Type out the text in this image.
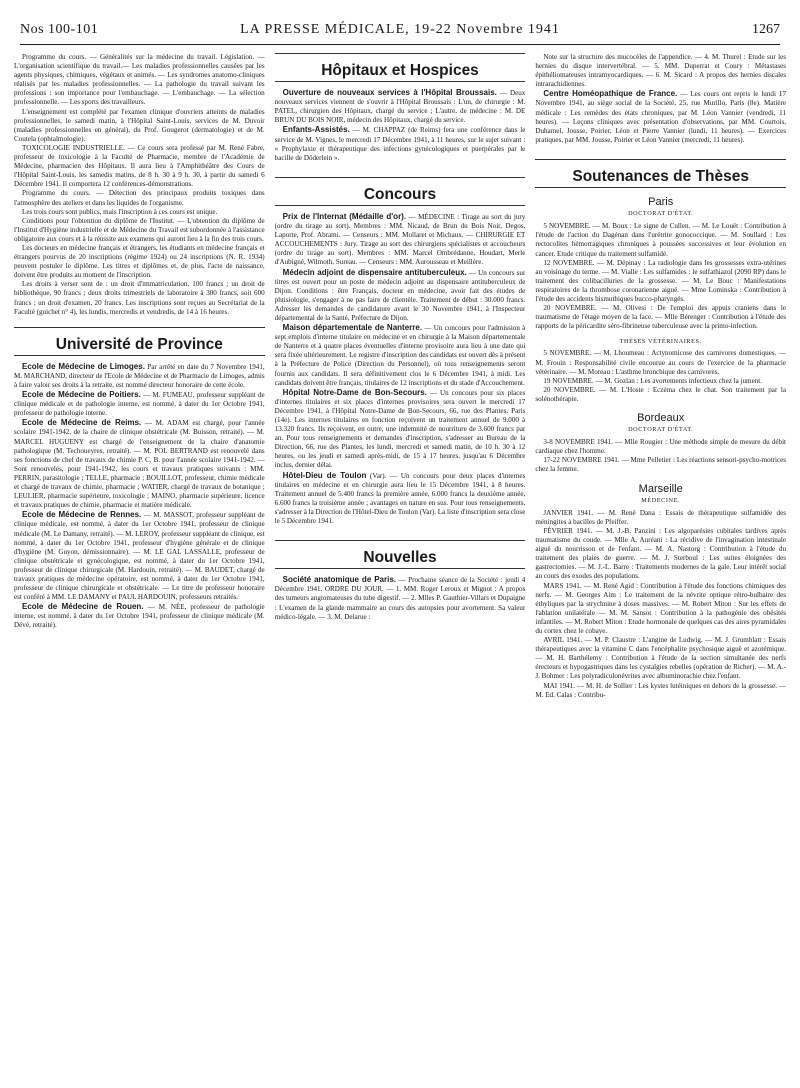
Nos 100-101	LA PRESSE MÉDICALE, 19-22 Novembre 1941	1267

Programme du cours. — Généralités sur la médecine du travail. Législation. — L'organisation scientifique du travail.— Les maladies professionnelles causées par les agents physiques, chimiques, végétaux et animés. — Les syndromes anatomo-cliniques réalisés par les maladies professionnelles. — La pathologie du travail suivant les professions : son importance pour l'embauchage. — L'embauchage. — La sélection professionnelle. — Les sports des travailleurs.

L'enseignement est complété par l'examen clinique d'ouvriers atteints de maladies professionnelles, le samedi matin, à l'Hôpital Saint-Louis, services de M. Duvoir (maladies professionnelles en général), du Prof. Gougerot (dermatologie) et de M. Coutela (ophtalmologie).

TOXICOLOGIE INDUSTRIELLE. — Ce cours sera professé par M. René Fabre, professeur de toxicologie à la Faculté de Pharmacie, membre de l'Académie de Médecine, pharmacien des Hôpitaux. Il aura lieu à l'Amphithéâtre des Cours de l'Hôpital Saint-Louis, les samedis matins, de 8 h. 30 à 9 h. 30, à partir du samedi 6 Décembre 1941. Il comportera 12 conférences-démonstrations.

Programme du cours. — Détection des principaux produits toxiques dans l'atmosphère des ateliers et dans les liquides de l'organisme.

Les trois cours sont publics, mais l'inscription à ces cours est unique.

Conditions pour l'obtention du diplôme de l'Institut. — L'obtention du diplôme de l'Institut d'Hygiène industrielle et de Médecine du Travail est subordonnée à l'assistance obligatoire aux cours et à la réussite aux examens qui auront lieu à la fin des trois cours.

Les docteurs en médecine français et étrangers, les étudiants en médecine français et étrangers pourvus de 20 inscriptions (régime 1924) ou 24 inscriptions (N. R. 1934) peuvent postuler le diplôme. Les titres et diplômes et, de plus, l'acte de naissance, doivent être produits au moment de l'inscription.

Les droits à verser sont de : un droit d'immatriculation, 100 francs ; un droit de bibliothèque, 90 francs ; deux droits trimestriels de laboratoire à 300 francs, soit 600 francs ; un droit d'examen, 20 francs. Les inscriptions sont reçues au Secrétariat de la Faculté (guichet n° 4), les lundis, mercredis et vendredis, de 14 à 16 heures.

Université de Province

Ecole de Médecine de Limoges. Par arrêté en date du 7 Novembre 1941, M. MARCHAND, directeur de l'Ecole de Médecine et de Pharmacie de Limoges, admis à faire valoir ses droits à la retraite, est nommé directeur honoraire de cette école.

Ecole de Médecine de Poitiers. — M. FUMEAU, professeur suppléant de clinique médicale et de pathologie interne, est nommé, à dater du 1er Octobre 1941, professeur de pathologie interne.

Ecole de Médecine de Reims. — M. ADAM est chargé, pour l'année scolaire 1941-1942, de la chaire de clinique obstétricale (M. Buisson, retraité). — M. MARCEL HUGUENY est chargé de l'enseignement de la chaire d'anatomie pathologique (M. Techoueyres, retraité). — M. POL BERTRAND est renouvelé dans ses fonctions de chef de travaux de chimie P. C. B. pour l'année scolaire 1941-1942. — Sont renouvelés, pour 1941-1942, les cours et travaux pratiques suivants : MM. PERRIN, parasitologie ; TELLE, pharmacie ; BOUILLOT, professeur, chimie médicale et chargé de travaux de chimie, pharmacie ; WATIER, chargé de travaux de botanique ; LEULIER, pharmacie supérieure, toxicologie ; MAINO, pharmacie supérieure, licence et travaux pratiques de chimie, pharmacie et matière médicale.

Ecole de Médecine de Rennes. — M. MASSOT, professeur suppléant de clinique médicale, est nommé, à dater du 1er Octobre 1941, professeur de clinique médicale (M. Le Damany, retraité). — M. LEROY, professeur suppléant de clinique, est nommé, à dater du 1er Octobre 1941, professeur d'hygiène générale et de clinique d'hygiène (M. Guyon, démissionnaire). — M. LE GAL LASSALLE, professeur de clinique obstétricale et gynécologique, est nommé, à dater du 1er Octobre 1941, professeur de clinique chirurgicale (M. Hardouin, retraité). — M. BAUDET, chargé de travaux pratiques de médecine opératoire, est nommé, à dater du 1er Octobre 1941, professeur de clinique chirurgicale et obstétricale. — Le titre de professeur honoraire est conféré à MM. LE DAMANY et PAUL HARDOUIN, professeurs retraités.

Ecole de Médecine de Rouen. — M. NÉE, professeur de pathologie interne, est nommé, à dater du 1er Octobre 1941, professeur de clinique médicale (M. Dévé, retraité).

Hôpitaux et Hospices

Ouverture de nouveaux services à l'Hôpital Broussais. — Deux nouveaux services viennent de s'ouvrir à l'Hôpital Broussais : L'un, de chirurgie : M. PATEL, chirurgien des Hôpitaux, chargé du service ; L'autre, de médecine : M. DE BRUN DU BOIS NOIR, médecin des Hôpitaux, chargé du service.

Enfants-Assistés. — M. CHAPPAZ (de Reims) fera une conférence dans le service de M. Vignes, le mercredi 17 Décembre 1941, à 11 heures, sur le sujet suivant : « Prophylaxie et thérapeutique des infections gynécologiques et puerpérales par le bacille de Döderlein ».

Concours

Prix de l'Internat (Médaille d'or). — MÉDECINE : Tirage au sort du jury (ordre du tirage au sort). Membres : MM. Nicaud, de Brun du Bois Noir, Degos, Laporte, Prof. Abrami. — Censeurs : MM. Mollaret et Michaux. — CHIRURGIE ET ACCOUCHEMENTS : Jury. Tirage au sort des chirurgiens spécialistes et accoucheurs (ordre du tirage au sort). Membres : MM. Marcel Ombrédanne, Houdart, Merle d'Aubigné, Wilmoth, Sureau. — Censeurs : MM. Aurousseau et Meillère.

Médecin adjoint de dispensaire antituberculeux. — Un concours sur titres est ouvert pour un poste de médecin adjoint au dispensaire antituberculeux de Dijon. Conditions : être Français, docteur en médecine, avoir fait des études de phtisiologie, s'engager à ne pas faire de clientèle. Traitement de début : 30.000 francs. Adresser les demandes de candidature avant le 30 Novembre 1941, à l'Inspecteur départemental de la Santé, Préfecture de Dijon.

Maison départementale de Nanterre. — Un concours pour l'admission à sept emplois d'interne titulaire en médecine et en chirurgie à la Maison départementale de Nanterre et à quatre places éventuelles d'interne provisoire aura lieu à une date qui sera fixée ultérieurement. Le registre d'inscription des candidats est ouvert dès à présent à la Préfecture de Police (Direction du Personnel), où tous renseignements seront fournis aux candidats. Il sera définitivement clos le 6 Décembre 1941, à midi. Les candidats doivent être français, titulaires de 12 inscriptions et du stade d'Accouchement.

Hôpital Notre-Dame de Bon-Secours. — Un concours pour six places d'internes titulaires et six places d'internes provisoires sera ouvert le mercredi 17 Décembre 1941, à l'Hôpital Notre-Dame de Bon-Secours, 66, rue des Plantes, Paris (14e). Les internes titulaires en fonction reçoivent un traitement annuel de 9.000 à 13.320 francs. Ils reçoivent, en outre, une indemnité de nourriture de 3.600 francs par an. Pour tous renseignements et demandes d'inscription, s'adresser au Bureau de la Direction, 66, rue des Plantes, les lundi, mercredi et samedi matin, de 10 h. 30 à 12 heures, ou les jeudi et samedi après-midi, de 15 à 17 heures, jusqu'au 6 Décembre inclus, dernier délai.

Hôtel-Dieu de Toulon (Var). — Un concours pour deux places d'internes titulaires en médecine et en chirurgie aura lieu le 15 Décembre 1941, à 8 heures. Traitement annuel de 5.400 francs la première année, 6.000 francs la deuxième année, 6.600 francs la troisième année ; avantages en nature en sus. Pour tous renseignements, s'adresser à la Direction de l'Hôtel-Dieu de Toulon (Var). La liste d'inscription sera close le 5 Décembre 1941.

Nouvelles

Société anatomique de Paris. — Prochaine séance de la Société : jeudi 4 Décembre 1941. ORDRE DU JOUR. — 1. MM. Roger Leroux et Mignot : A propos des tumeurs angiomateuses du tube digestif. — 2. Mlles P. Gauthier-Villars et Dupaigne : L'examen de la glande mammaire au cours des autopsies pour avortement. Sa valeur médico-légale. — 3. M. Delarue :

Note sur la structure des mucocèles de l'appendice. — 4. M. Thurel : Etude sur les hernies du disque intervertébral. — 5. MM. Duperrat et Coury : Métastases épithéliomateuses intramyocardiques. — 6. M. Sicard : A propos des hernies discales intrarachidiennes.

Centre Homéopathique de France. — Les cours ont repris le lundi 17 Novembre 1941, au siège social de la Société, 25, rue Murillo, Paris (8e). Matière médicale : Les remèdes des états chroniques, par M. Léon Vannier (vendredi, 11 heures). — Leçons cliniques avec présentation d'observations, par MM. Courtois, Duhamel, Jousse, Poirier, Léon et Pierre Vannier (lundi, 11 heures). — Exercices pratiques, par MM. Jousse, Poirier et Léon Vannier (mercredi, 11 heures).

Soutenances de Thèses
Paris
DOCTORAT D'ÉTAT.

5 NOVEMBRE. — M. Boux : Le signe de Cullen. — M. Le Louët : Contribution à l'étude de l'action du Dagénan dans l'urétrite gonococcique. — M. Soullard : Les rectocolites hémorragiques chroniques à poussées successives et leur évolution en cancer. Etude critique du traitement sulfamidé.

12 NOVEMBRE. — M. Dépinay : La radiologie dans les grossesses extra-utérines au voisinage du terme. — M. Vialle : Les sulfamides : le sulfathiazol (2090 RP) dans le traitement des colibacilluries de la grossesse. — M. Le Bouc : Manifestations respiratoires de la thrombose coronarienne aiguë. — Mme Lominska : Contribution à l'étude des accidents bismuthiques bucco-pharyngés.

20 NOVEMBRE. — M. Olivesi : De l'emploi des appuis craniens dans le traumatisme de l'étage moyen de la face. — Mlle Bérenger : Contribution à l'étude des rapports de la péricardite séro-fibrineuse tuberculeuse avec la primo-infection.

THÈSES VÉTÉRINAIRES.

5 NOVEMBRE. — M. Lhoumeau : Actynomicose des carnivores domestiques. — M. Frouin : Responsabilité civile encourue au cours de l'exercice de la pharmacie vétérinaire. — M. Moreau : L'asthme bronchique des carnivores.

19 NOVEMBRE. — M. Gozlan : Les avortements infectieux chez la jument.

20 NOVEMBRE. — M. L'Hoste : Eczéma chez le chat. Son traitement par la solénothérapie.

Bordeaux
DOCTORAT D'ÉTAT.

3-8 NOVEMBRE 1941. — Mlle Rougier : Une méthode simple de mesure du débit cardiaque chez l'homme.

17-22 NOVEMBRE 1941. — Mme Pelletier : Les réactions sensori-psycho-motrices chez la femme.

Marseille
MÉDECINE.

JANVIER 1941. — M. René Dana : Essais de thérapeutique sulfamidée des méningites à bacilles de Pfeiffer.

FÉVRIER 1941. — M. J.-B. Panzini : Les algoparésies cubitales tardives après traumatisme du coude. — Mlle A. Auréani : La récidive de l'invagination intestinale aiguë du nourrisson et de l'enfant. — M. A. Nastorg : Contribution à l'étude du traitement des plaies de guerre. — M. J. Sterboul : Les suites éloignées des gastrectomies. — M. J.-L. Barre : Traitements modernes de la gale. Leur intérêt social au cours des exodes des populations.

MARS 1941. — M. René Agid : Contribution à l'étude des fonctions chimiques des nerfs. — M. Georges Aim : Le traitement de la névrite optique rétro-bulbaire des éthyliques par la strychnine à doses massives. — M. Robert Miton : Sur les effets de l'ablation unilatérale — M. M. Sansot : Contribution à la pathogénie des obésités infantiles. — M. Robert Miton : Etude hormonale de quelques cas des aires pyramidales du cortex chez le cobaye.

AVRIL 1941. — M. P. Claustre : L'angine de Ludwig. — M. J. Grumblatt : Essais thérapeutiques avec la vitamine C dans l'encéphalite psychosique aiguë et azotémique. — M. H. Barthélemy : Contribution à l'étude de la section simultanée des nerfs érecteurs et hypogastriques dans les cystalgies rebelles (opération de Richer). — M. A.-J. Bohmer : Les polyradiculonévrites avec albuminorachie chez l'enfant.

MAI 1941. — M. H. de Sollier : Les kystes lutéiniques en dehors de la grossesse. — M. Ed. Calas : Contribu-
